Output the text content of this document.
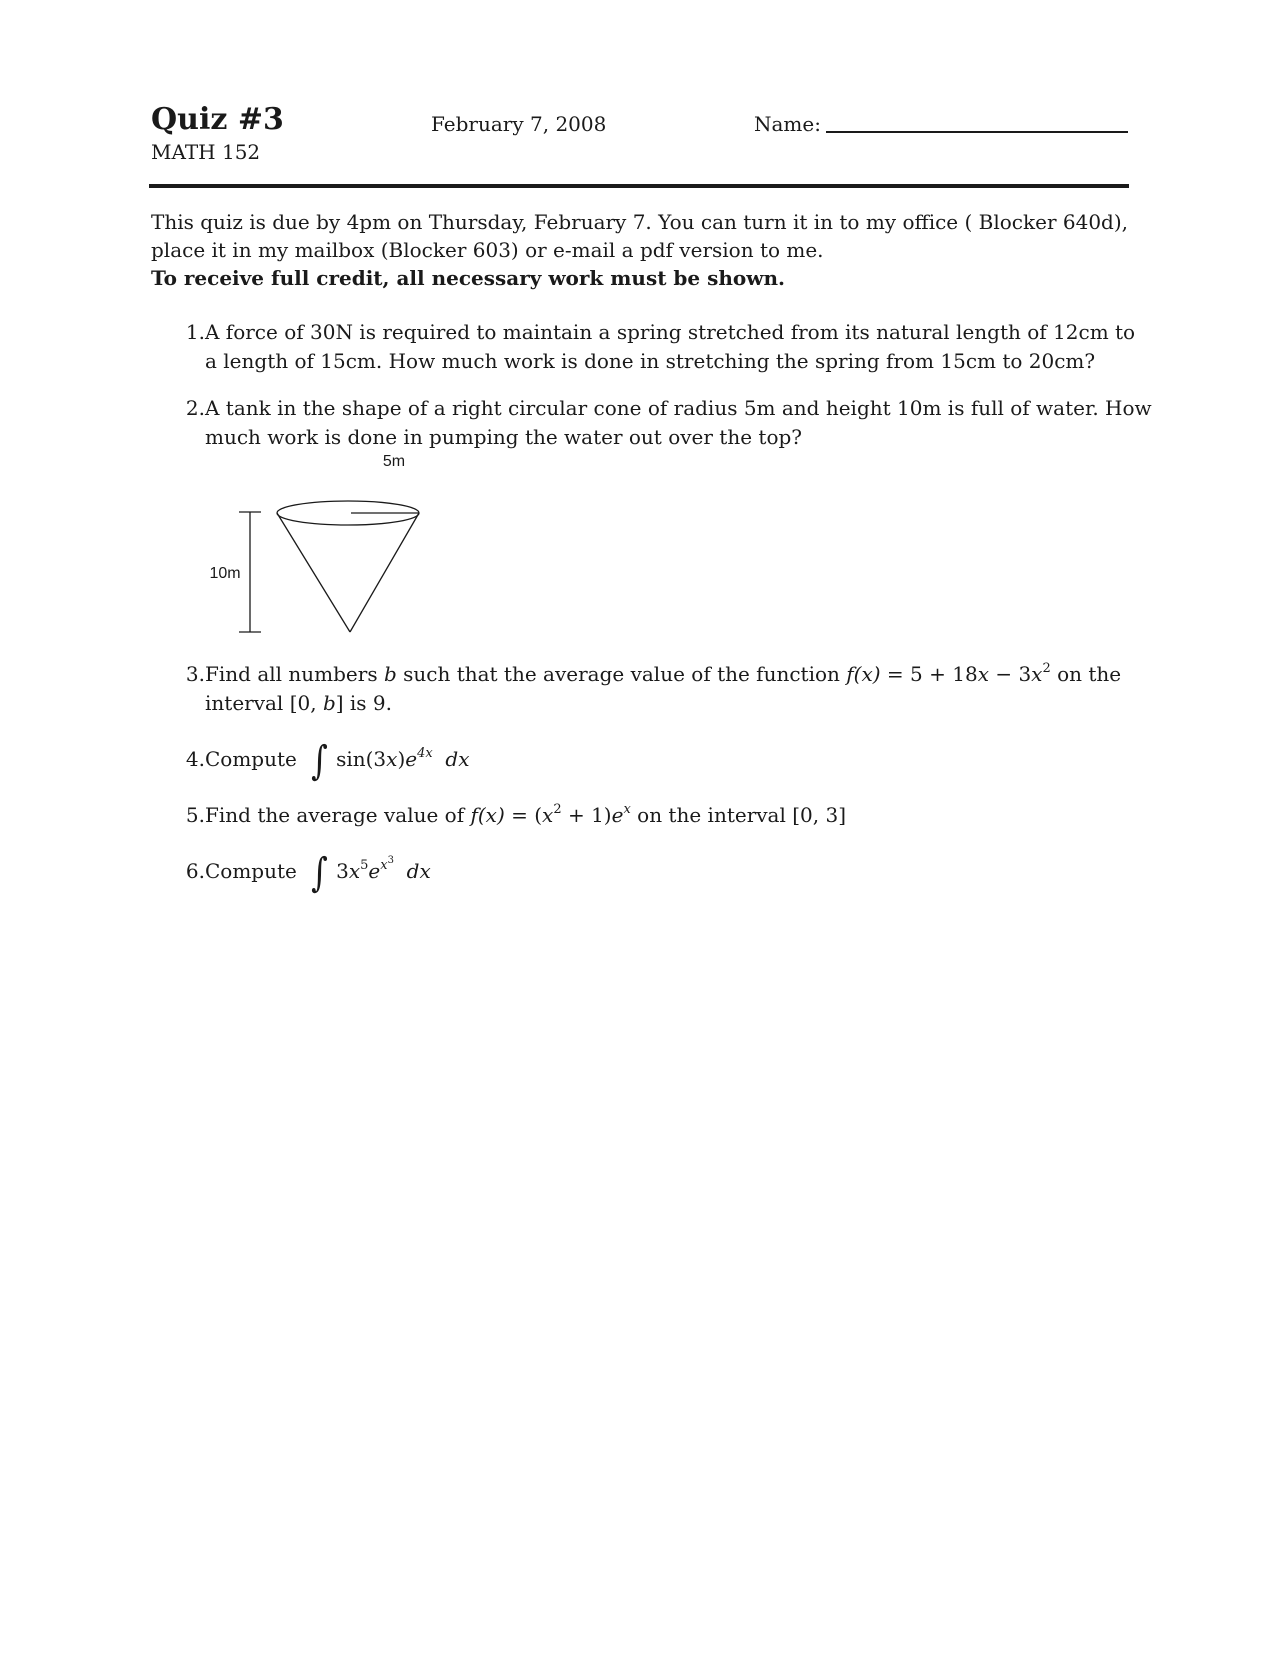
Quiz #3
MATH 152
February 7, 2008	Name:
This quiz is due by 4pm on Thursday, February 7. You can turn it in to my office ( Blocker 640d),
place it in my mailbox (Blocker 603) or e-mail a pdf version to me.
To receive full credit, all necessary work must be shown.
1. A force of 30N is required to maintain a spring stretched from its natural length of 12cm to
a length of 15cm. How much work is done in stretching the spring from 15cm to 20cm?
2. A tank in the shape of a right circular cone of radius 5m and height 10m is full of water. How
much work is done in pumping the water out over the top?
5m
10m
3. Find all numbers b such that the average value of the function $f(x) = 5 + 18x - 3x^2$ on the
interval [0, b] is 9.
4. Compute ∫ $\sin(3x)e^{4x}$ dx
5. Find the average value of $f(x) = (x^2 + 1)e^x$ on the interval [0, 3]
6. Compute ∫ $3x^5e^{x3}$ dx
